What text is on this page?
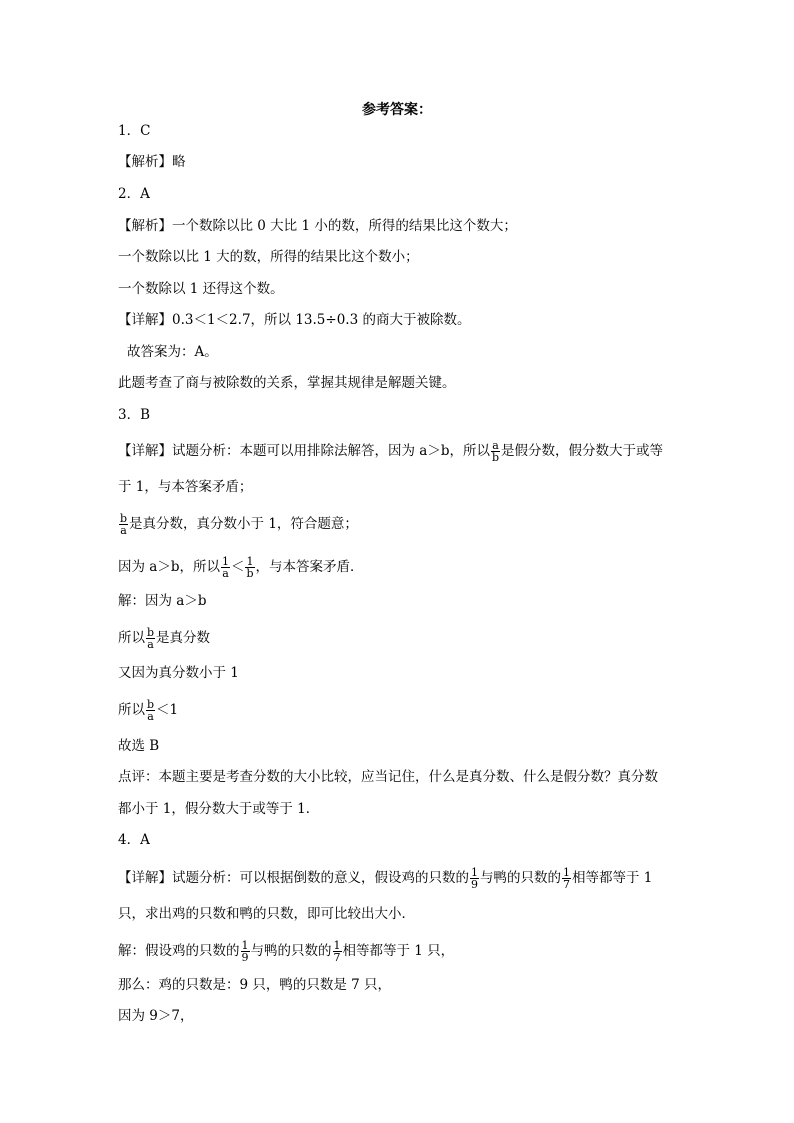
参考答案：
1．C
【解析】略
2．A
【解析】一个数除以比 0 大比 1 小的数，所得的结果比这个数大；
一个数除以比 1 大的数，所得的结果比这个数小；
一个数除以 1 还得这个数。
【详解】0.3＜1＜2.7，所以 13.5÷0.3 的商大于被除数。
故答案为：A。
此题考查了商与被除数的关系，掌握其规律是解题关键。
3．B
【详解】试题分析：本题可以用排除法解答，因为 a＞b，所以 $\frac{a}{b}$ 是假分数，假分数大于或等
于 1，与本答案矛盾；
$\frac{b}{a}$ 是真分数，真分数小于 1，符合题意；
因为 a＞b，所以 $\frac{1}{a} < \frac{1}{b}$ ，与本答案矛盾．
解：因为 a＞b
所以 $\frac{b}{a}$ 是真分数
又因为真分数小于 1
所以 $\frac{b}{a} <1$
故选 B
点评：本题主要是考查分数的大小比较，应当记住，什么是真分数、什么是假分数？真分数
都小于 1，假分数大于或等于 1．
4．A
【详解】试题分析：可以根据倒数的意义，假设鸡的只数的 $\frac{1}{9}$ 与鸭的只数的 $\frac{1}{7}$ 相等都等于 1
只，求出鸡的只数和鸭的只数，即可比较出大小．
解：假设鸡的只数的 $\frac{1}{9}$ 与鸭的只数的 $\frac{1}{7}$ 相等都等于 1 只，
那么：鸡的只数是：9 只，鸭的只数是 7 只，
因为 9＞7，
